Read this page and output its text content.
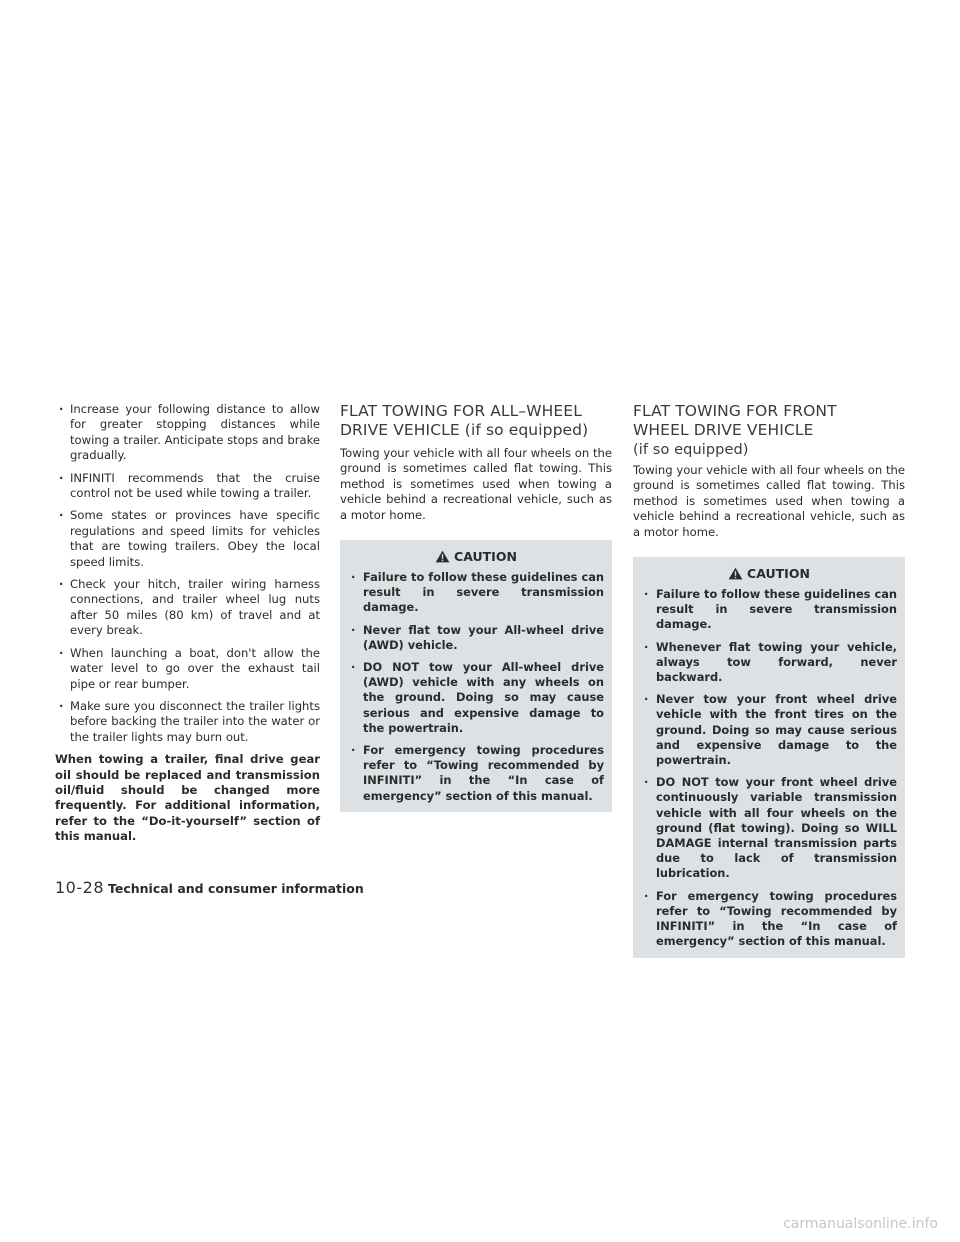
· Increase your following distance to allow for greater stopping distances while towing a trailer. Anticipate stops and brake gradually.
· INFINITI recommends that the cruise control not be used while towing a trailer.
· Some states or provinces have specific regulations and speed limits for vehicles that are towing trailers. Obey the local speed limits.
· Check your hitch, trailer wiring harness connections, and trailer wheel lug nuts after 50 miles (80 km) of travel and at every break.
· When launching a boat, don't allow the water level to go over the exhaust tail pipe or rear bumper.
· Make sure you disconnect the trailer lights before backing the trailer into the water or the trailer lights may burn out.

When towing a trailer, final drive gear oil should be replaced and transmission oil/fluid should be changed more frequently. For additional information, refer to the “Do-it-yourself” section of this manual.

FLAT TOWING FOR ALL–WHEEL
DRIVE VEHICLE (if so equipped)

Towing your vehicle with all four wheels on the ground is sometimes called flat towing. This method is sometimes used when towing a vehicle behind a recreational vehicle, such as a motor home.

CAUTION
· Failure to follow these guidelines can result in severe transmission damage.
· Never flat tow your All-wheel drive (AWD) vehicle.
· DO NOT tow your All-wheel drive (AWD) vehicle with any wheels on the ground. Doing so may cause serious and expensive damage to the powertrain.
· For emergency towing procedures refer to “Towing recommended by INFINITI” in the “In case of emergency” section of this manual.
FLAT TOWING FOR FRONT
WHEEL DRIVE VEHICLE
(if so equipped)

Towing your vehicle with all four wheels on the ground is sometimes called flat towing. This method is sometimes used when towing a vehicle behind a recreational vehicle, such as a motor home.

CAUTION
· Failure to follow these guidelines can result in severe transmission damage.
· Whenever flat towing your vehicle, always tow forward, never backward.
· Never tow your front wheel drive vehicle with the front tires on the ground. Doing so may cause serious and expensive damage to the powertrain.
· DO NOT tow your front wheel drive continuously variable transmission vehicle with all four wheels on the ground (flat towing). Doing so WILL DAMAGE internal transmission parts due to lack of transmission lubrication.
· For emergency towing procedures refer to “Towing recommended by INFINITI” in the “In case of emergency” section of this manual.
10-28 Technical and consumer information
carmanualsonline.info
